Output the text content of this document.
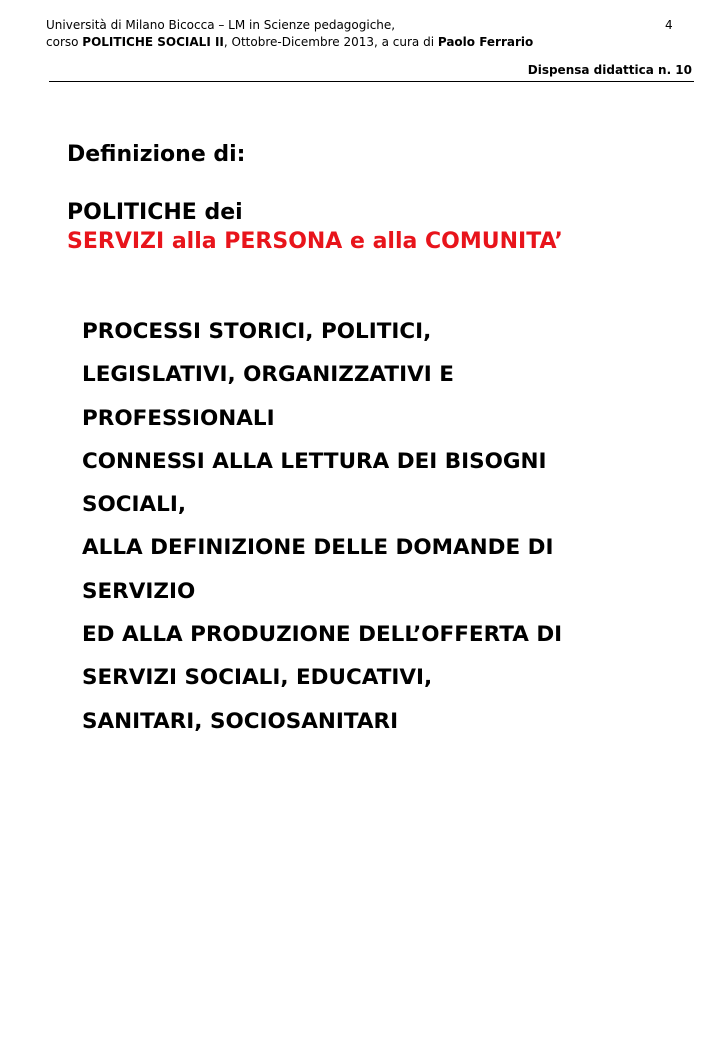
Università di Milano Bicocca – LM in Scienze pedagogiche,
corso POLITICHE SOCIALI II, Ottobre-Dicembre 2013, a cura di Paolo Ferrario
4
Dispensa didattica n. 10
Definizione di:
POLITICHE dei
SERVIZI alla PERSONA e alla COMUNITA’
PROCESSI STORICI, POLITICI,
LEGISLATIVI, ORGANIZZATIVI E
PROFESSIONALI
CONNESSI ALLA LETTURA DEI BISOGNI
SOCIALI,
ALLA DEFINIZIONE DELLE DOMANDE DI
SERVIZIO
ED ALLA PRODUZIONE DELL’OFFERTA DI
SERVIZI SOCIALI, EDUCATIVI,
SANITARI, SOCIOSANITARI
